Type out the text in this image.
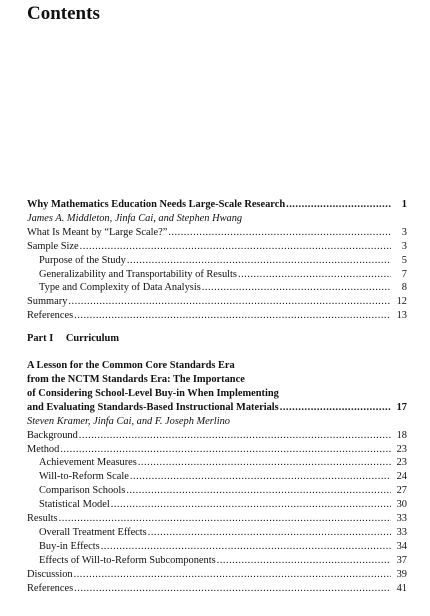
Contents
Why Mathematics Education Needs Large-Scale Research .....	1
James A. Middleton, Jinfa Cai, and Stephen Hwang
What Is Meant by “Large Scale?” .....	3
Sample Size .....	3
Purpose of the Study .....	5
Generalizability and Transportability of Results .....	7
Type and Complexity of Data Analysis .....	8
Summary .....	12
References .....	13
Part I Curriculum
A Lesson for the Common Core Standards Era
from the NCTM Standards Era: The Importance
of Considering School-Level Buy-in When Implementing
and Evaluating Standards-Based Instructional Materials .....	17
Steven Kramer, Jinfa Cai, and F. Joseph Merlino
Background .....	18
Method .....	23
Achievement Measures .....	23
Will-to-Reform Scale .....	24
Comparison Schools .....	27
Statistical Model .....	30
Results .....	33
Overall Treatment Effects .....	33
Buy-in Effects .....	34
Effects of Will-to-Reform Subcomponents .....	37
Discussion .....	39
References .....	41
